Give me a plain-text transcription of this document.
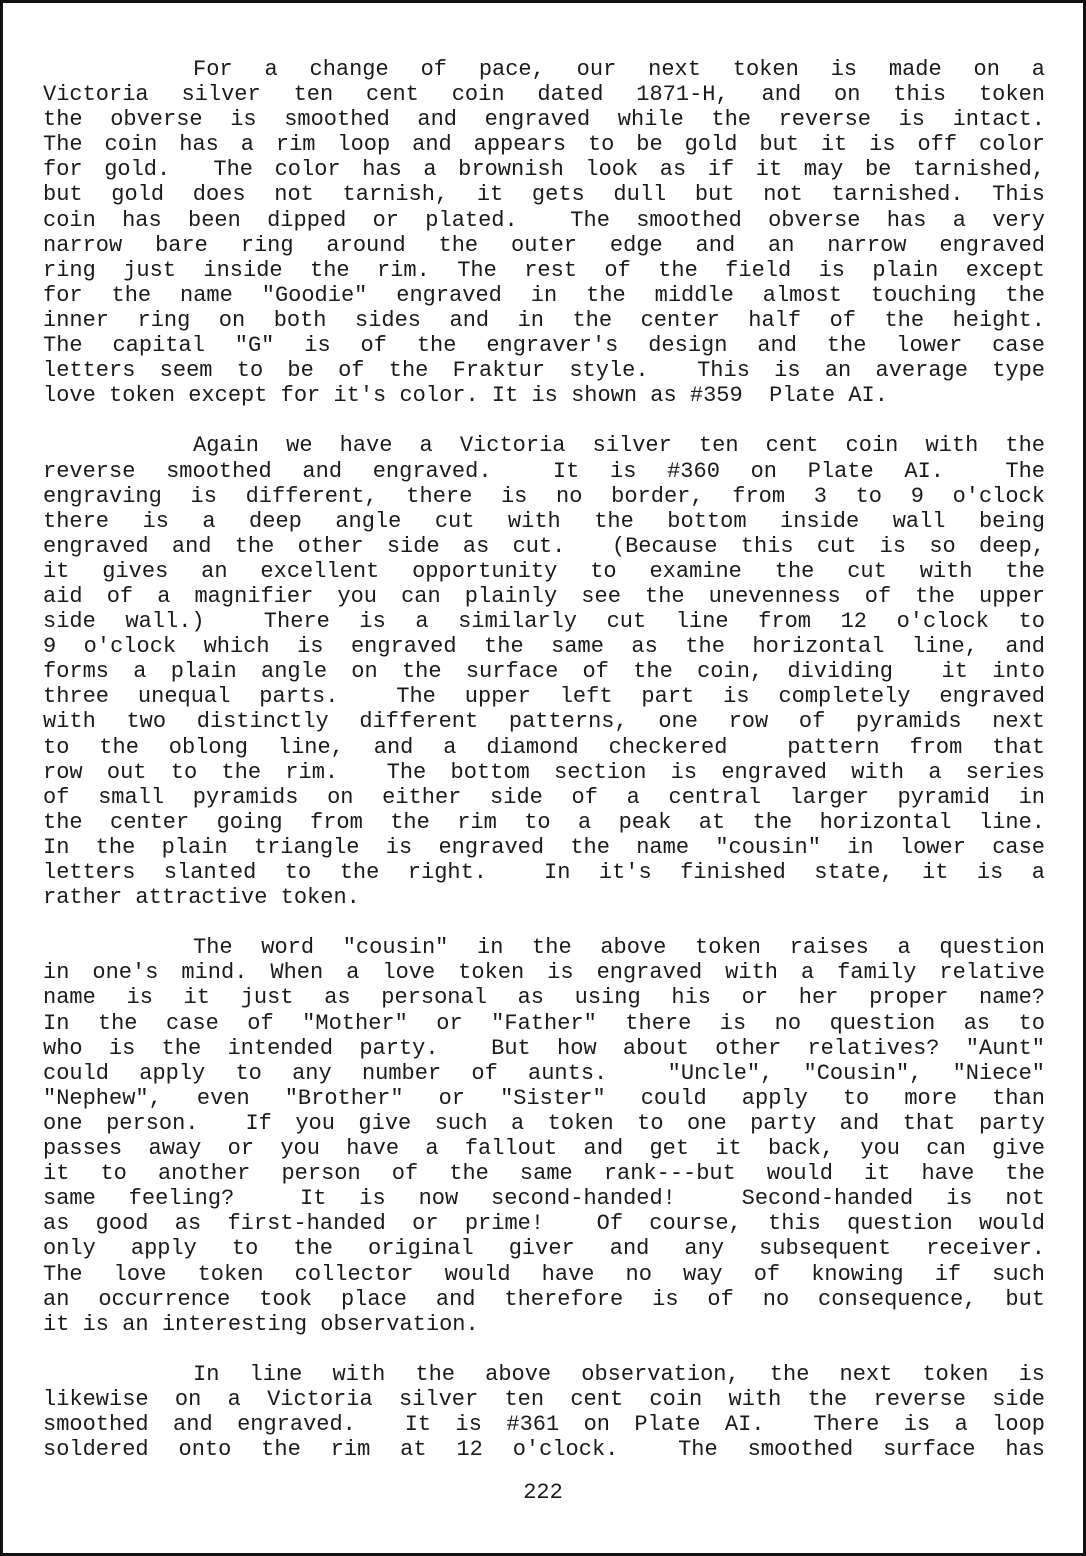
For a change of pace, our next token is made on a
Victoria silver ten cent coin dated 1871-H, and on this token
the obverse is smoothed and engraved while the reverse is intact.
The coin has a rim loop and appears to be gold but it is off color
for gold.  The color has a brownish look as if it may be tarnished,
but gold does not tarnish, it gets dull but not tarnished. This
coin has been dipped or plated.  The smoothed obverse has a very
narrow bare ring around the outer edge and an narrow engraved
ring just inside the rim. The rest of the field is plain except
for the name "Goodie" engraved in the middle almost touching the
inner ring on both sides and in the center half of the height.
The capital "G" is of the engraver's design and the lower case
letters seem to be of the Fraktur style.  This is an average type
love token except for it's color. It is shown as #359  Plate AI.
Again we have a Victoria silver ten cent coin with the
reverse smoothed and engraved.  It is #360 on Plate AI.  The
engraving is different, there is no border, from 3 to 9 o'clock
there is a deep angle cut with the bottom inside wall being
engraved and the other side as cut.  (Because this cut is so deep,
it gives an excellent opportunity to examine the cut with the
aid of a magnifier you can plainly see the unevenness of the upper
side wall.)  There is a similarly cut line from 12 o'clock to
9 o'clock which is engraved the same as the horizontal line, and
forms a plain angle on the surface of the coin, dividing  it into
three unequal parts.  The upper left part is completely engraved
with two distinctly different patterns, one row of pyramids next
to the oblong line, and a diamond checkered  pattern from that
row out to the rim.  The bottom section is engraved with a series
of small pyramids on either side of a central larger pyramid in
the center going from the rim to a peak at the horizontal line.
In the plain triangle is engraved the name "cousin" in lower case
letters slanted to the right.  In it's finished state, it is a
rather attractive token.
The word "cousin" in the above token raises a question
in one's mind. When a love token is engraved with a family relative
name is it just as personal as using his or her proper name?
In the case of "Mother" or "Father" there is no question as to
who is the intended party.  But how about other relatives? "Aunt"
could apply to any number of aunts.  "Uncle", "Cousin", "Niece"
"Nephew", even "Brother" or "Sister" could apply to more than
one person.  If you give such a token to one party and that party
passes away or you have a fallout and get it back, you can give
it to another person of the same rank---but would it have the
same feeling?  It is now second-handed!  Second-handed is not
as good as first-handed or prime!  Of course, this question would
only apply to the original giver and any subsequent receiver.
The love token collector would have no way of knowing if such
an occurrence took place and therefore is of no consequence, but
it is an interesting observation.
In line with the above observation, the next token is
likewise on a Victoria silver ten cent coin with the reverse side
smoothed and engraved.  It is #361 on Plate AI.  There is a loop
soldered onto the rim at 12 o'clock.  The smoothed surface has
222
